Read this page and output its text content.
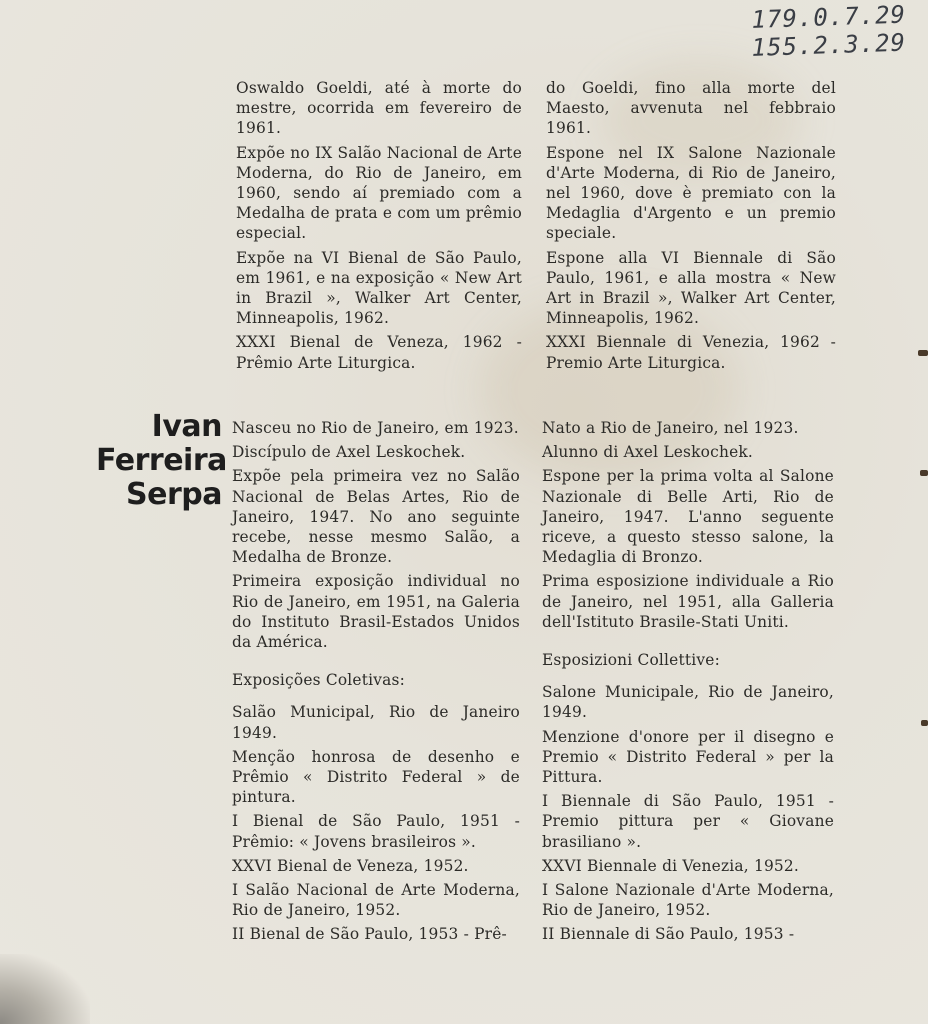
179.0.7.29
155.2.3.29
Ivan
Ferreira
Serpa

Oswaldo Goeldi, até à morte do mestre, ocorrida em fevereiro de 1961.

Expõe no IX Salão Nacional de Arte Moderna, do Rio de Janeiro, em 1960, sendo aí premiado com a Medalha de prata e com um prêmio especial.

Expõe na VI Bienal de São Paulo, em 1961, e na exposição « New Art in Brazil », Walker Art Center, Minneapolis, 1962.

XXXI Bienal de Veneza, 1962 - Prêmio Arte Liturgica.

do Goeldi, fino alla morte del Maesto, avvenuta nel febbraio 1961.

Espone nel IX Salone Nazionale d'Arte Moderna, di Rio de Janeiro, nel 1960, dove è premiato con la Medaglia d'Argento e un premio speciale.

Espone alla VI Biennale di São Paulo, 1961, e alla mostra « New Art in Brazil », Walker Art Center, Minneapolis, 1962.

XXXI Biennale di Venezia, 1962 - Premio Arte Liturgica.

Nasceu no Rio de Janeiro, em 1923.

Discípulo de Axel Leskochek.

Expõe pela primeira vez no Salão Nacional de Belas Artes, Rio de Janeiro, 1947. No ano seguinte recebe, nesse mesmo Salão, a Medalha de Bronze.

Primeira exposição individual no Rio de Janeiro, em 1951, na Galeria do Instituto Brasil-Estados Unidos da América.

Exposições Coletivas:

Salão Municipal, Rio de Janeiro 1949.

Menção honrosa de desenho e Prêmio « Distrito Federal » de pintura.

I Bienal de São Paulo, 1951 - Prêmio: « Jovens brasileiros ».

XXVI Bienal de Veneza, 1952.

I Salão Nacional de Arte Moderna, Rio de Janeiro, 1952.

II Bienal de São Paulo, 1953 - Prê-

Nato a Rio de Janeiro, nel 1923.

Alunno di Axel Leskochek.

Espone per la prima volta al Salone Nazionale di Belle Arti, Rio de Janeiro, 1947. L'anno seguente riceve, a questo stesso salone, la Medaglia di Bronzo.

Prima esposizione individuale a Rio de Janeiro, nel 1951, alla Galleria dell'Istituto Brasile-Stati Uniti.

Esposizioni Collettive:

Salone Municipale, Rio de Janeiro, 1949.

Menzione d'onore per il disegno e Premio « Distrito Federal » per la Pittura.

I Biennale di São Paulo, 1951 - Premio pittura per « Giovane brasiliano ».

XXVI Biennale di Venezia, 1952.

I Salone Nazionale d'Arte Moderna, Rio de Janeiro, 1952.

II Biennale di São Paulo, 1953 -
